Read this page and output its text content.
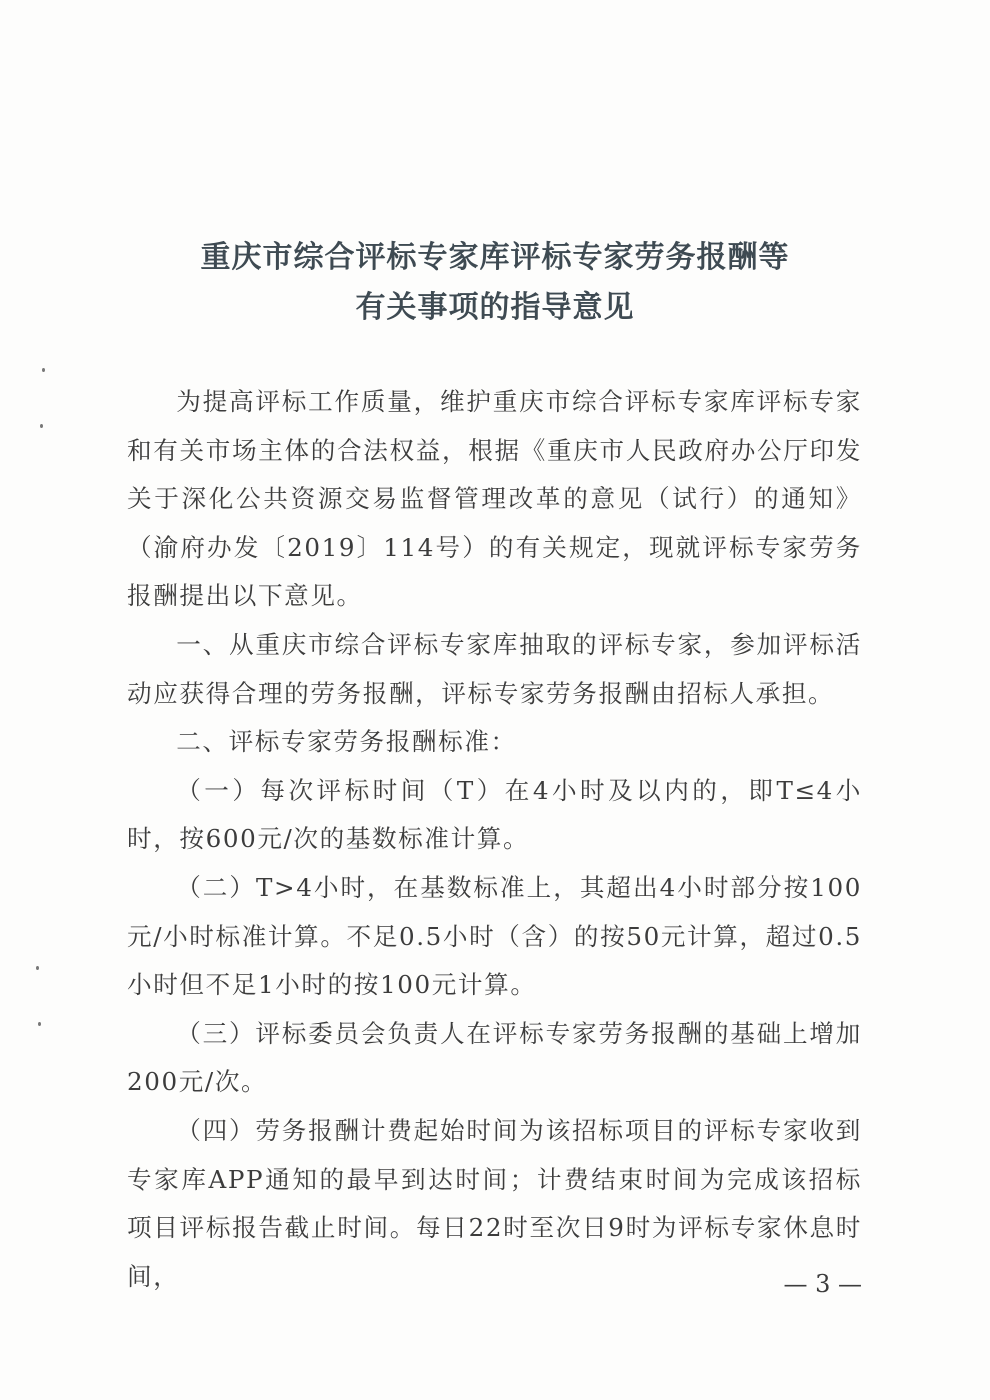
重庆市综合评标专家库评标专家劳务报酬等
有关事项的指导意见

为提高评标工作质量，维护重庆市综合评标专家库评标专家和有关市场主体的合法权益，根据《重庆市人民政府办公厅印发关于深化公共资源交易监督管理改革的意见（试行）的通知》（渝府办发〔2019〕114号）的有关规定，现就评标专家劳务报酬提出以下意见。

一、从重庆市综合评标专家库抽取的评标专家，参加评标活动应获得合理的劳务报酬，评标专家劳务报酬由招标人承担。

二、评标专家劳务报酬标准：

（一）每次评标时间（T）在4小时及以内的，即T≤4小时，按600元/次的基数标准计算。

（二）T>4小时，在基数标准上，其超出4小时部分按100元/小时标准计算。不足0.5小时（含）的按50元计算，超过0.5小时但不足1小时的按100元计算。

（三）评标委员会负责人在评标专家劳务报酬的基础上增加200元/次。

（四）劳务报酬计费起始时间为该招标项目的评标专家收到专家库APP通知的最早到达时间；计费结束时间为完成该招标项目评标报告截止时间。每日22时至次日9时为评标专家休息时间，	— 3 —
